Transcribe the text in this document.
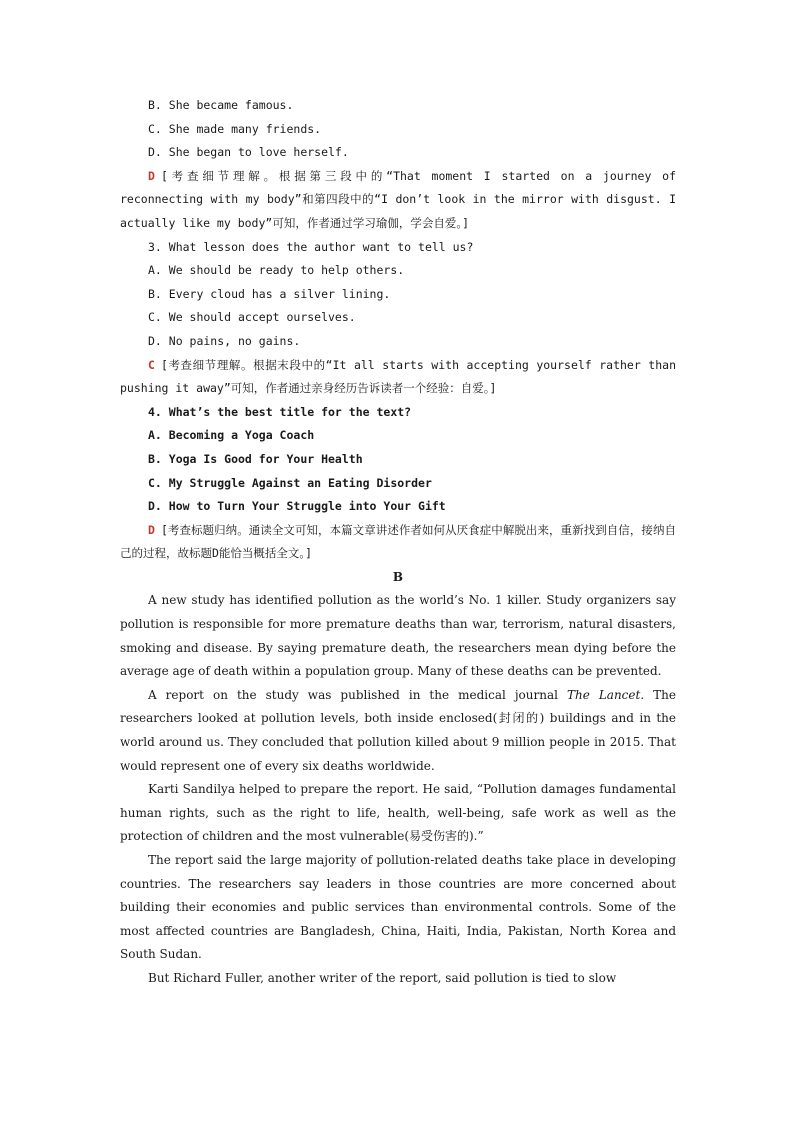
B. She became famous.

C. She made many friends.

D. She began to love herself.

D [考查细节理解。根据第三段中的“That moment I started on a journey of reconnecting with my body”和第四段中的“I don’t look in the mirror with disgust. I actually like my body”可知，作者通过学习瑜伽，学会自爱。]

3. What lesson does the author want to tell us?

A. We should be ready to help others.

B. Every cloud has a silver lining.

C. We should accept ourselves.

D. No pains, no gains.

C [考查细节理解。根据末段中的“It all starts with accepting yourself rather than pushing it away”可知，作者通过亲身经历告诉读者一个经验：自爱。]

4. What’s the best title for the text?

A. Becoming a Yoga Coach

B. Yoga Is Good for Your Health

C. My Struggle Against an Eating Disorder

D. How to Turn Your Struggle into Your Gift

D [考查标题归纳。通读全文可知，本篇文章讲述作者如何从厌食症中解脱出来，重新找到自信，接纳自己的过程，故标题D能恰当概括全文。]

B

A new study has identified pollution as the world’s No. 1 killer. Study organizers say pollution is responsible for more premature deaths than war, terrorism, natural disasters, smoking and disease. By saying premature death, the researchers mean dying before the average age of death within a population group. Many of these deaths can be prevented.

A report on the study was published in the medical journal The Lancet. The researchers looked at pollution levels, both inside enclosed(封闭的) buildings and in the world around us. They concluded that pollution killed about 9 million people in 2015. That would represent one of every six deaths worldwide.

Karti Sandilya helped to prepare the report. He said, “Pollution damages fundamental human rights, such as the right to life, health, well-being, safe work as well as the protection of children and the most vulnerable(易受伤害的).”

The report said the large majority of pollution-related deaths take place in developing countries. The researchers say leaders in those countries are more concerned about building their economies and public services than environmental controls. Some of the most affected countries are Bangladesh, China, Haiti, India, Pakistan, North Korea and South Sudan.

But Richard Fuller, another writer of the report, said pollution is tied to slow
